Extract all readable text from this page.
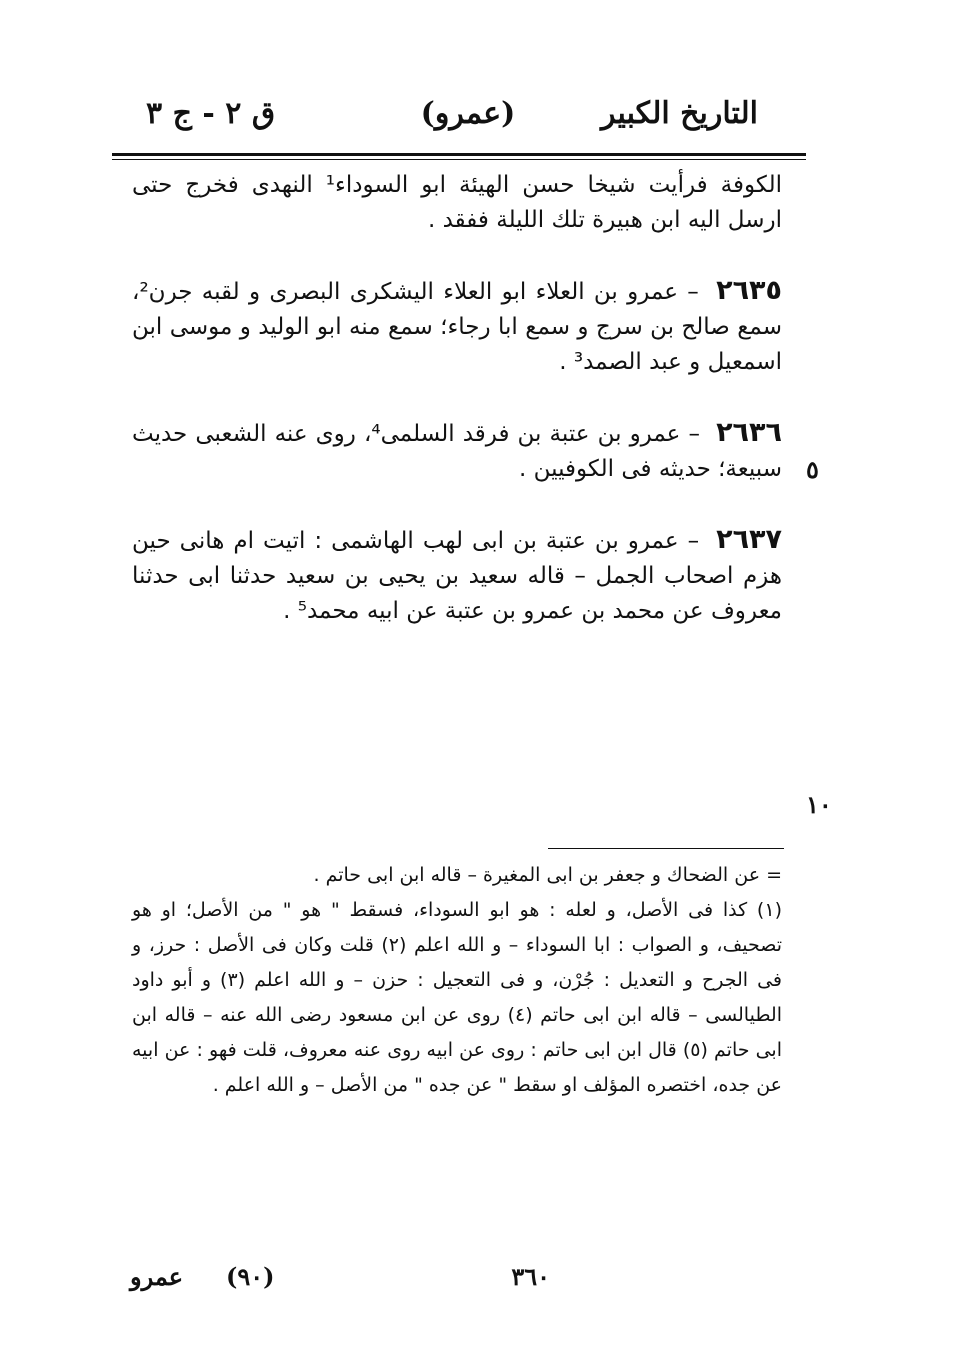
التاريخ الكبير
(عمرو)
ق ٢ - ج ٣
٥
١٠

الكوفة فرأيت شيخا حسن الهيئة ابو السوداء¹ النهدى فخرج حتى ارسل اليه ابن هبيرة تلك الليلة ففقد .

٢٦٣٥ – عمرو بن العلاء ابو العلاء اليشكرى البصرى و لقبه جرن²، سمع صالح بن سرج و سمع ابا رجاء؛ سمع منه ابو الوليد و موسى ابن اسمعيل و عبد الصمد³ .

٢٦٣٦ – عمرو بن عتبة بن فرقد السلمى⁴، روى عنه الشعبى حديث سبيعة؛ حديثه فى الكوفيين .

٢٦٣٧ – عمرو بن عتبة بن ابى لهب الهاشمى : اتيت ام هانى حين هزم اصحاب الجمل – قاله سعيد بن يحيى بن سعيد حدثنا ابى حدثنا معروف عن محمد بن عمرو بن عتبة عن ابيه محمد⁵ .

= عن الضحاك و جعفر بن ابى المغيرة – قاله ابن ابى حاتم .

(١) كذا فى الأصل، و لعله : هو ابو السوداء، فسقط " هو " من الأصل؛ او هو تصحيف، و الصواب : ابا السوداء – و الله اعلم (٢) قلت وكان فى الأصل : حرز، و فى الجرح و التعديل : جُرْن، و فى التعجيل : حزن – و الله اعلم (٣) و أبو داود الطيالسى – قاله ابن ابى حاتم (٤) روى عن ابن مسعود رضى الله عنه – قاله ابن ابى حاتم (٥) قال ابن ابى حاتم : روى عن ابيه روى عنه معروف، قلت فهو : عن ابيه عن جده، اختصره المؤلف او سقط " عن جده " من الأصل – و الله اعلم .

٣٦٠
(٩٠)
عمرو
